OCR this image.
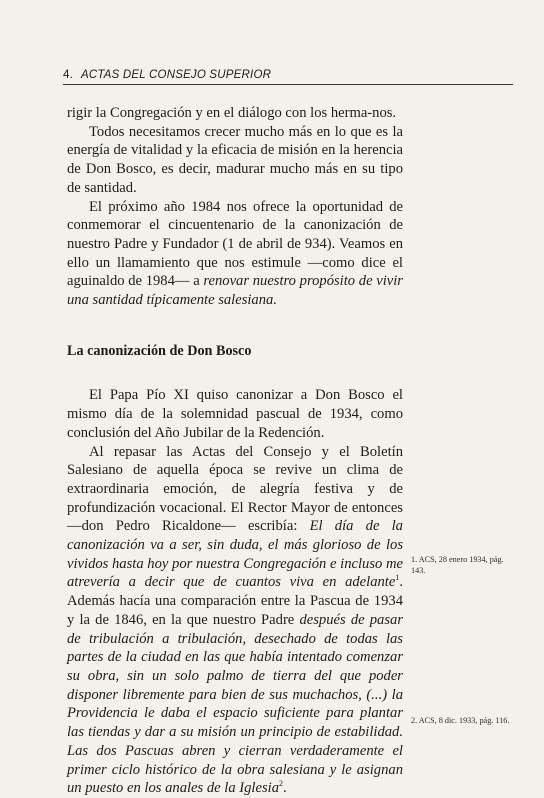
4. ACTAS DEL CONSEJO SUPERIOR

rigir la Congregación y en el diálogo con los herma-nos.

Todos necesitamos crecer mucho más en lo que es la energía de vitalidad y la eficacia de misión en la herencia de Don Bosco, es decir, madurar mucho más en su tipo de santidad.

El próximo año 1984 nos ofrece la oportunidad de conmemorar el cincuentenario de la canonización de nuestro Padre y Fundador (1 de abril de 934). Veamos en ello un llamamiento que nos estimule —como dice el aguinaldo de 1984— a renovar nuestro propósito de vivir una santidad típicamente salesiana.

La canonización de Don Bosco

El Papa Pío XI quiso canonizar a Don Bosco el mismo día de la solemnidad pascual de 1934, como conclusión del Año Jubilar de la Redención.

Al repasar las Actas del Consejo y el Boletín Salesiano de aquella época se revive un clima de extraordinaria emoción, de alegría festiva y de profundización vocacional. El Rector Mayor de entonces —don Pedro Ricaldone— escribía: El día de la canonización va a ser, sin duda, el más glorioso de los vividos hasta hoy por nuestra Congregación e incluso me atrevería a decir que de cuantos viva en adelante$^1$. Además hacía una comparación entre la Pascua de 1934 y la de 1846, en la que nuestro Padre después de pasar de tribulación a tribulación, desechado de todas las partes de la ciudad en las que había intentado comenzar su obra, sin un solo palmo de tierra del que poder disponer libremente para bien de sus muchachos, (...) la Providencia le daba el espacio suficiente para plantar las tiendas y dar a su misión un principio de estabilidad. Las dos Pascuas abren y cierran verdaderamente el primer ciclo histórico de la obra salesiana y le asignan un puesto en los anales de la Iglesia$^2$.

1. ACS, 28 enero 1934, pág. 143.
2. ACS, 8 dic. 1933, pág. 116.
